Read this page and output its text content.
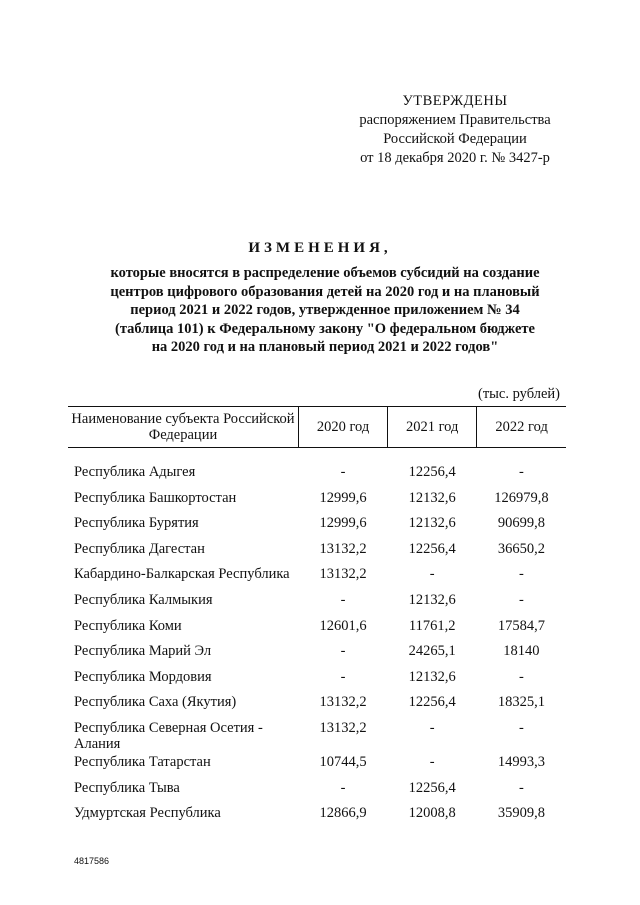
УТВЕРЖДЕНЫ
распоряжением Правительства
Российской Федерации
от 18 декабря 2020 г. № 3427-р
ИЗМЕНЕНИЯ,
которые вносятся в распределение объемов субсидий на создание
центров цифрового образования детей на 2020 год и на плановый
период 2021 и 2022 годов, утвержденное приложением № 34
(таблица 101) к Федеральному закону "О федеральном бюджете
на 2020 год и на плановый период 2021 и 2022 годов"
(тыс. рублей)
Наименование субъекта Российской Федерации	2020 год	2021 год	2022 год

Республика Адыгея	-	12256,4	-
Республика Башкортостан	12999,6	12132,6	126979,8
Республика Бурятия	12999,6	12132,6	90699,8
Республика Дагестан	13132,2	12256,4	36650,2
Кабардино-Балкарская Республика	13132,2	-	-
Республика Калмыкия	-	12132,6	-
Республика Коми	12601,6	11761,2	17584,7
Республика Марий Эл	-	24265,1	18140
Республика Мордовия	-	12132,6	-
Республика Саха (Якутия)	13132,2	12256,4	18325,1
Республика Северная Осетия - Алания	13132,2	-	-
Республика Татарстан	10744,5	-	14993,3
Республика Тыва	-	12256,4	-
Удмуртская Республика	12866,9	12008,8	35909,8
4817586
